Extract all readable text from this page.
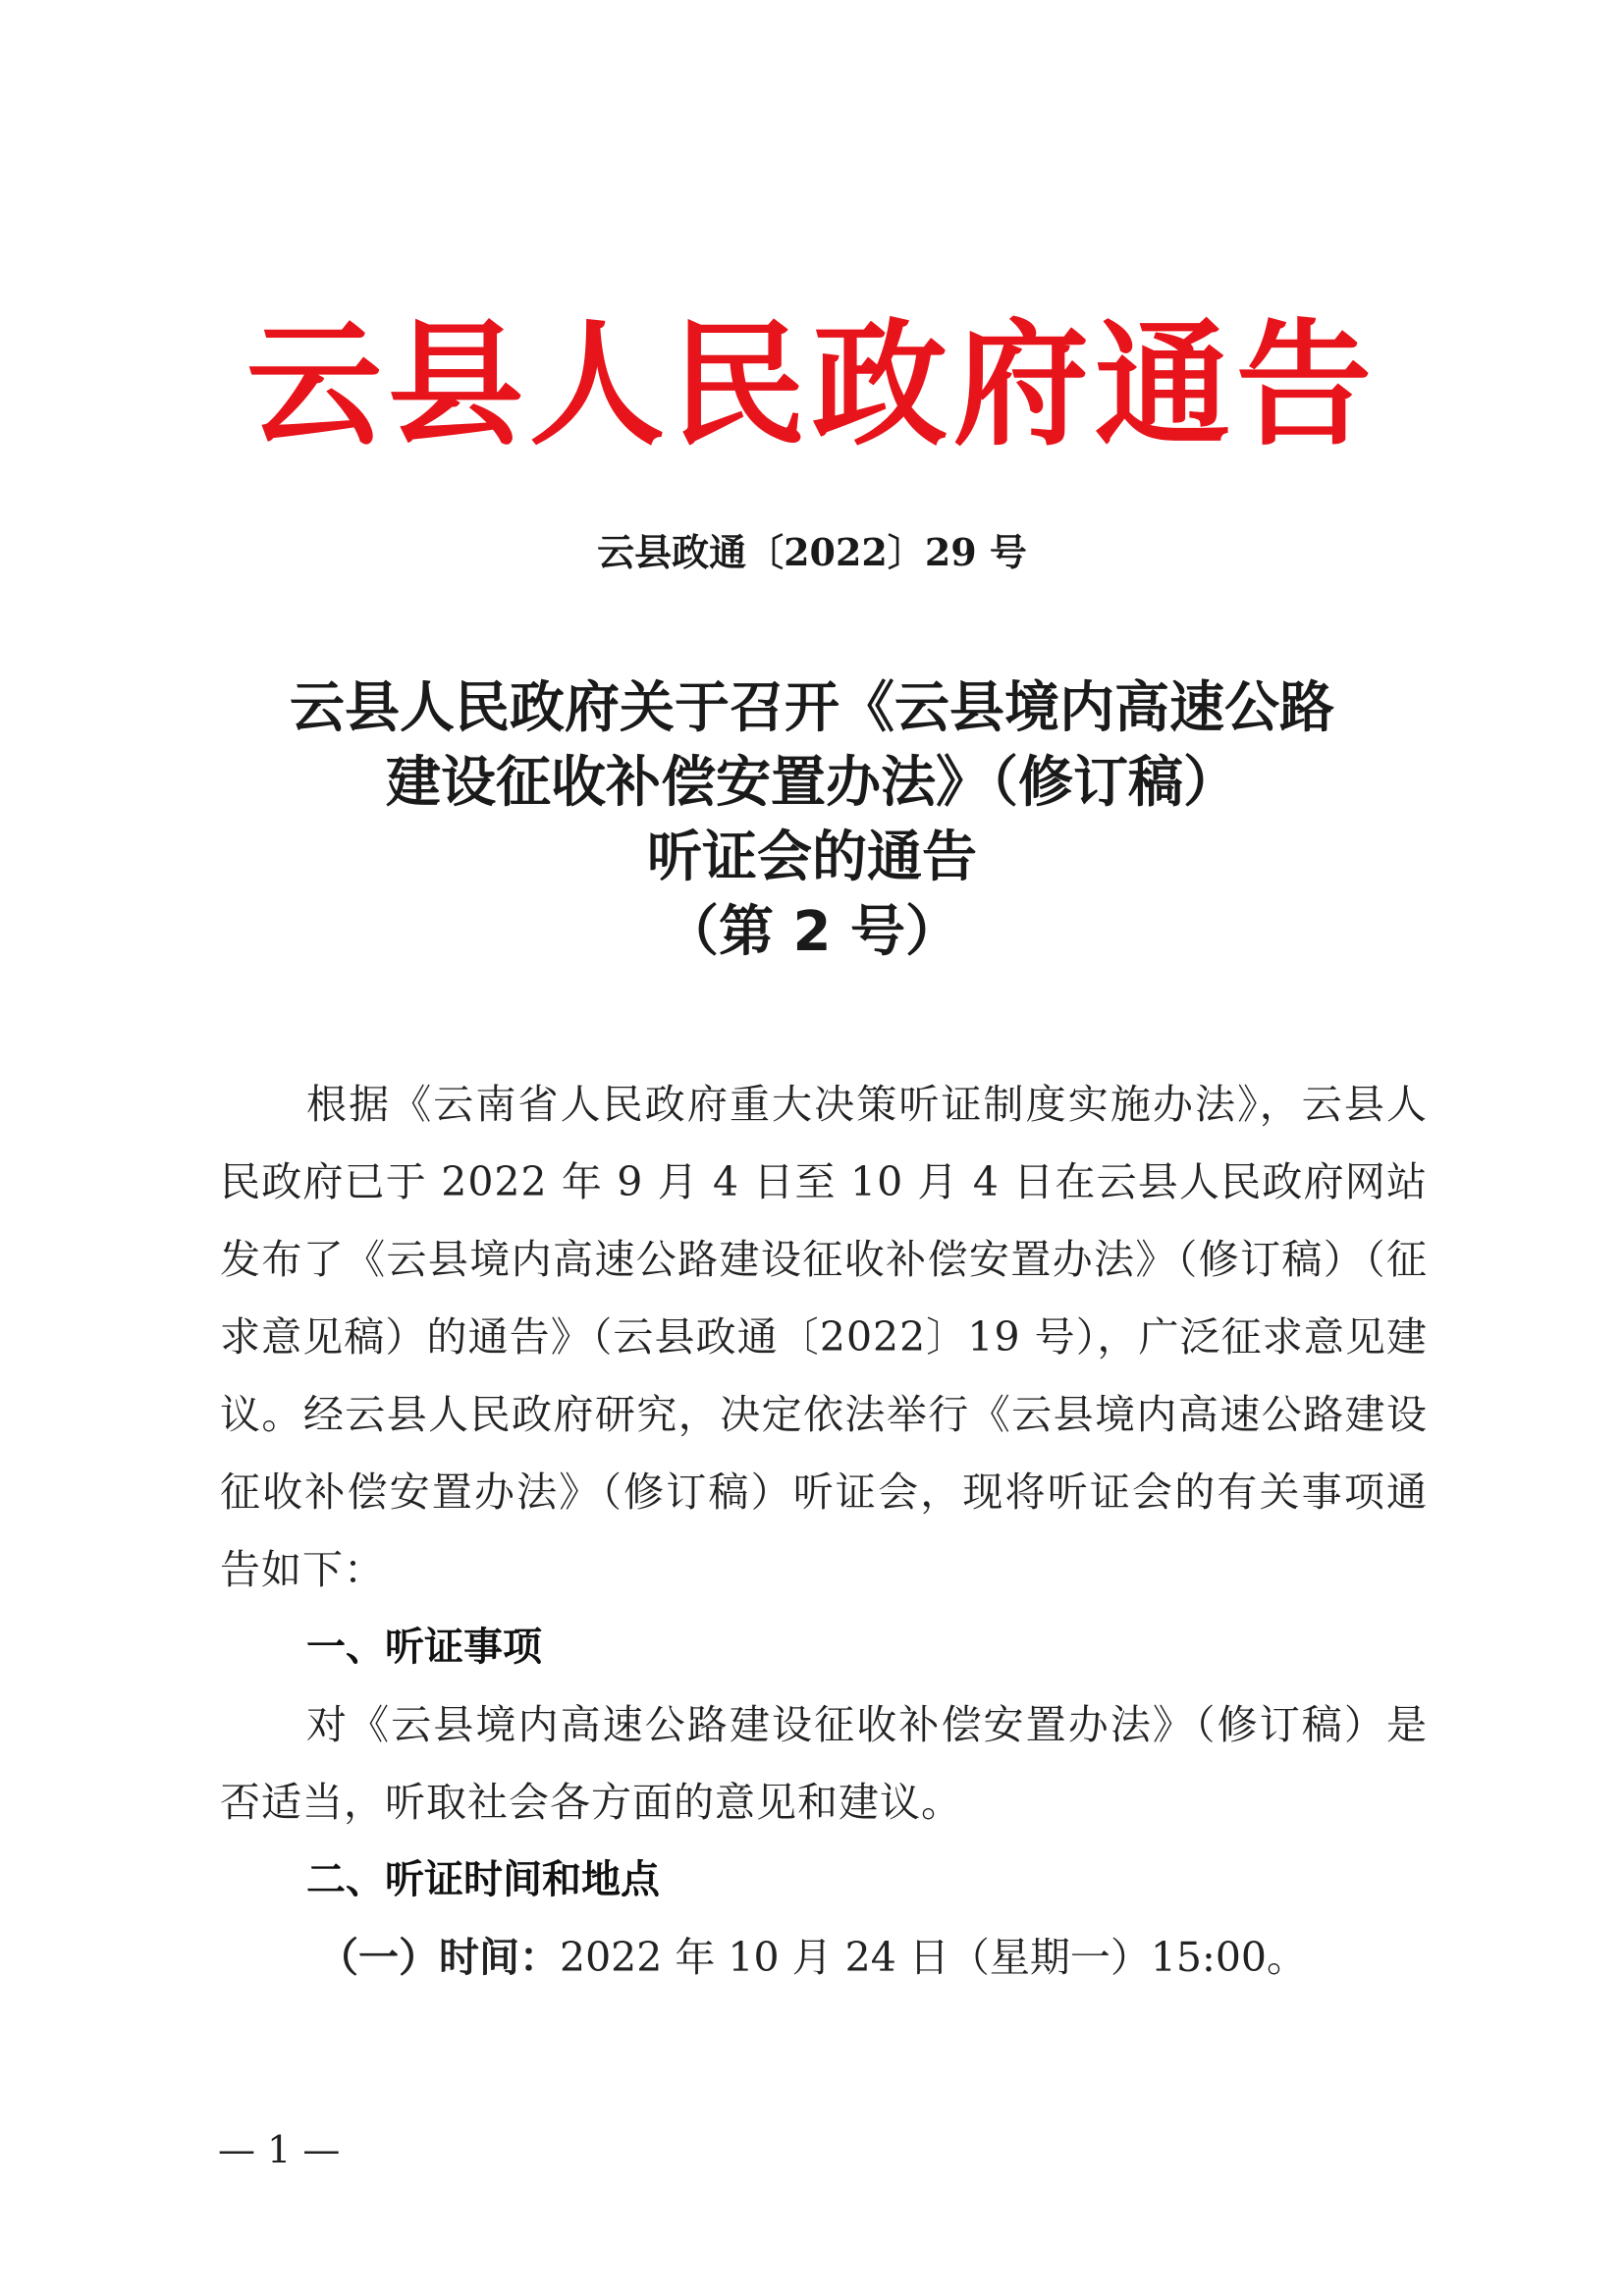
云县人民政府通告
云县政通〔2022〕29 号
云县人民政府关于召开《云县境内高速公路
建设征收补偿安置办法》（修订稿）
听证会的通告
（第 2 号）

根据《云南省人民政府重大决策听证制度实施办法》，云县人民政府已于 2022 年 9 月 4 日至 10 月 4 日在云县人民政府网站发布了《云县境内高速公路建设征收补偿安置办法》（修订稿）（征求意见稿）的通告》（云县政通〔2022〕19 号），广泛征求意见建议。经云县人民政府研究，决定依法举行《云县境内高速公路建设征收补偿安置办法》（修订稿）听证会，现将听证会的有关事项通告如下：

一、听证事项

对《云县境内高速公路建设征收补偿安置办法》（修订稿）是否适当，听取社会各方面的意见和建议。

二、听证时间和地点

（一）时间：2022 年 10 月 24 日（星期一）15:00。

— 1 —
